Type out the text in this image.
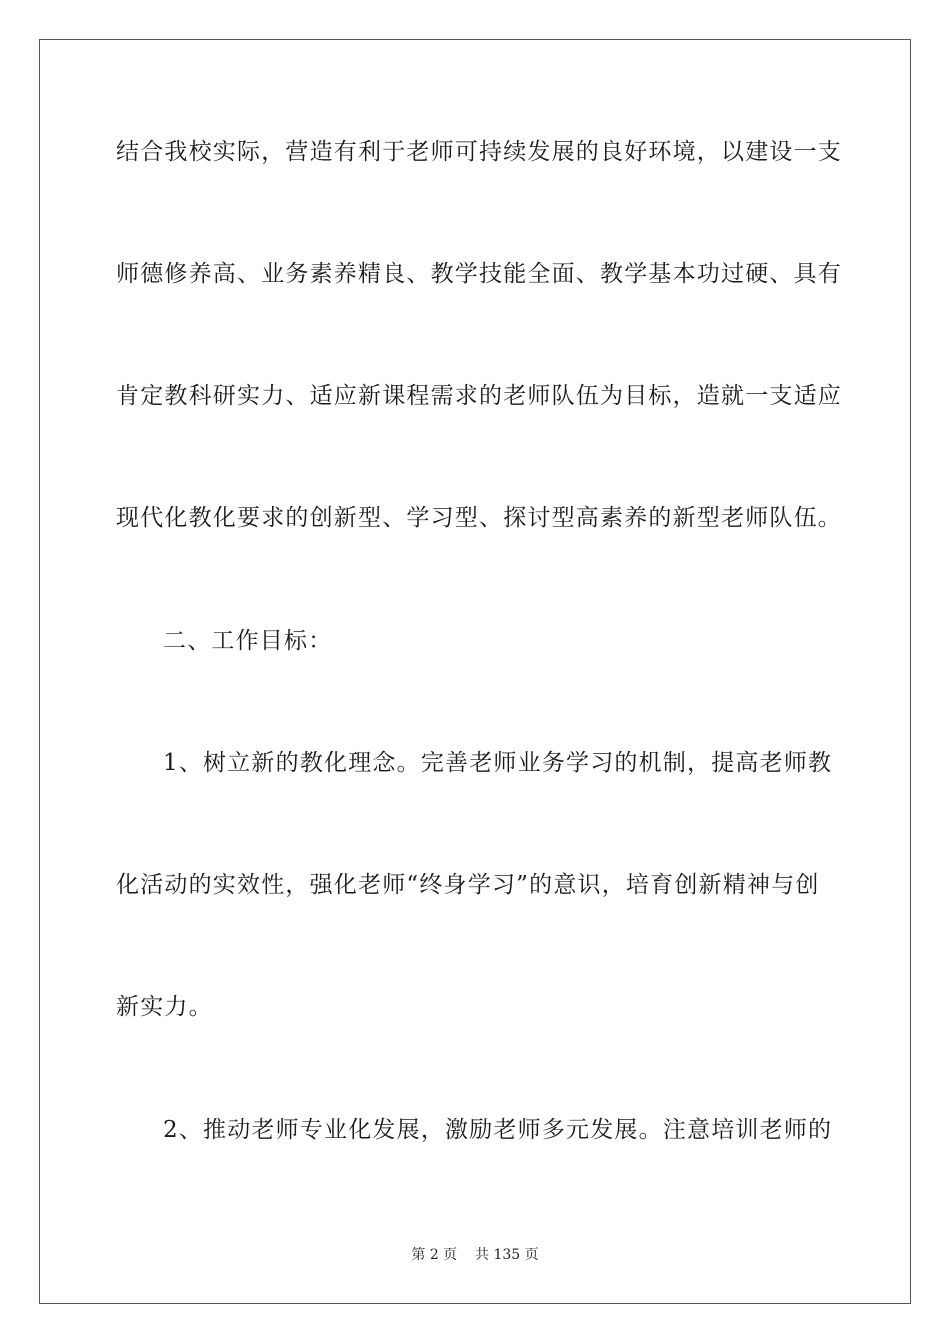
结合我校实际，营造有利于老师可持续发展的良好环境，以建设一支
师德修养高、业务素养精良、教学技能全面、教学基本功过硬、具有
肯定教科研实力、适应新课程需求的老师队伍为目标，造就一支适应
现代化教化要求的创新型、学习型、探讨型高素养的新型老师队伍。
二、工作目标：
1、树立新的教化理念。完善老师业务学习的机制，提高老师教
化活动的实效性，强化老师“终身学习”的意识，培育创新精神与创
新实力。
2、推动老师专业化发展，激励老师多元发展。注意培训老师的
第 2 页 共 135 页
